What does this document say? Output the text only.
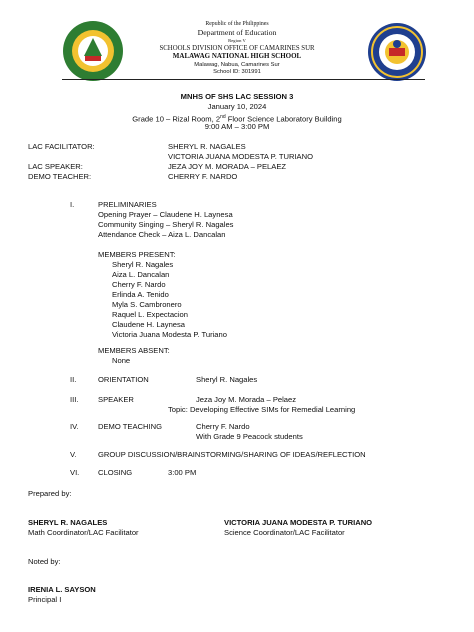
Republic of the Philippines
Department of Education
Region V
SCHOOLS DIVISION OFFICE OF CAMARINES SUR
MALAWAG NATIONAL HIGH SCHOOL
Malawag, Nabua, Camarines Sur
School ID: 301991
MNHS OF SHS LAC SESSION 3
January 10, 2024
Grade 10 – Rizal Room, 2nd Floor Science Laboratory Building
9:00 AM – 3:00 PM
LAC FACILITATOR:	SHERYL R. NAGALES
VICTORIA JUANA MODESTA P. TURIANO
LAC SPEAKER:	JEZA JOY M. MORADA – PELAEZ
DEMO TEACHER:	CHERRY F. NARDO
I.	PRELIMINARIES
Opening Prayer – Claudene H. Laynesa
Community Singing – Sheryl R. Nagales
Attendance Check – Aiza L. Dancalan
MEMBERS PRESENT:
Sheryl R. Nagales
Aiza L. Dancalan
Cherry F. Nardo
Erlinda A. Tenido
Myla S. Cambronero
Raquel L. Expectacion
Claudene H. Laynesa
Victoria Juana Modesta P. Turiano
MEMBERS ABSENT:
None
II.	ORIENTATION	Sheryl R. Nagales
III.	SPEAKER	Jeza Joy M. Morada – Pelaez
Topic: Developing Effective SIMs for Remedial Learning
IV.	DEMO TEACHING	Cherry F. Nardo
With Grade 9 Peacock students
V.	GROUP DISCUSSION/BRAINSTORMING/SHARING OF IDEAS/REFLECTION
VI. CLOSING	3:00 PM
Prepared by:
SHERYL R. NAGALES
Math Coordinator/LAC Facilitator
VICTORIA JUANA MODESTA P. TURIANO
Science Coordinator/LAC Facilitator
Noted by:
IRENIA L. SAYSON
Principal I
